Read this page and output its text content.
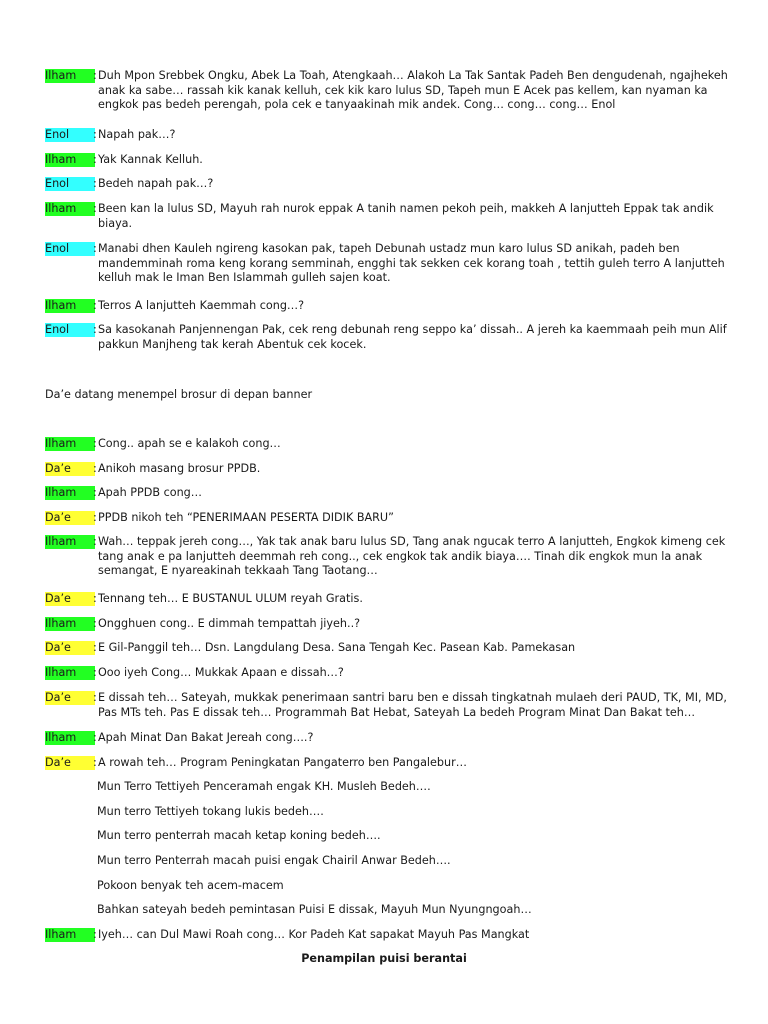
Ilham	: Duh Mpon Srebbek Ongku, Abek La Toah, Atengkaah… Alakoh La Tak Santak Padeh Ben dengudenah, ngajhekeh anak ka sabe… rassah kik kanak kelluh, cek kik karo lulus SD, Tapeh mun E Acek pas kellem, kan nyaman ka engkok pas bedeh perengah, pola cek e tanyaakinah mik andek. Cong… cong… cong… Enol
Enol	: Napah pak…?
Ilham	: Yak Kannak Kelluh.
Enol	: Bedeh napah pak…?
Ilham	: Been kan la lulus SD, Mayuh rah nurok eppak A tanih namen pekoh peih, makkeh A lanjutteh Eppak tak andik biaya.
Enol	: Manabi dhen Kauleh ngireng kasokan pak, tapeh Debunah ustadz mun karo lulus SD anikah, padeh ben mandemminah roma keng korang semminah, engghi tak sekken cek korang toah , tettih guleh terro A lanjutteh kelluh mak le Iman Ben Islammah gulleh sajen koat.
Ilham	: Terros A lanjutteh Kaemmah cong…?
Enol	: Sa kasokanah Panjennengan Pak, cek reng debunah reng seppo ka’ dissah.. A jereh ka kaemmaah peih mun Alif pakkun Manjheng tak kerah Abentuk cek kocek.
Da’e datang menempel brosur di depan banner
Ilham	: Cong.. apah se e kalakoh cong…
Da’e	: Anikoh masang brosur PPDB.
Ilham	: Apah PPDB cong…
Da’e	: PPDB nikoh teh “PENERIMAAN PESERTA DIDIK BARU”
Ilham	: Wah… teppak jereh cong…, Yak tak anak baru lulus SD, Tang anak ngucak terro A lanjutteh, Engkok kimeng cek tang anak e pa lanjutteh deemmah reh cong.., cek engkok tak andik biaya…. Tinah dik engkok mun la anak semangat, E nyareakinah tekkaah Tang Taotang…
Da’e	: Tennang teh… E BUSTANUL ULUM reyah Gratis.
Ilham	: Ongghuen cong.. E dimmah tempattah jiyeh..?
Da’e	: E Gil-Panggil teh… Dsn. Langdulang Desa. Sana Tengah Kec. Pasean Kab. Pamekasan
Ilham	: Ooo iyeh Cong… Mukkak Apaan e dissah…?
Da’e	: E dissah teh… Sateyah, mukkak penerimaan santri baru ben e dissah tingkatnah mulaeh deri PAUD, TK, MI, MD, Pas MTs teh. Pas E dissak teh… Programmah Bat Hebat, Sateyah La bedeh Program Minat Dan Bakat teh…
Ilham	: Apah Minat Dan Bakat Jereah cong….?
Da’e	: A rowah teh… Program Peningkatan Pangaterro ben Pangalebur…
Mun Terro Tettiyeh Penceramah engak KH. Musleh Bedeh….
Mun terro Tettiyeh tokang lukis bedeh….
Mun terro penterrah macah ketap koning bedeh….
Mun terro Penterrah macah puisi engak Chairil Anwar Bedeh….
Pokoon benyak teh acem-macem
Bahkan sateyah bedeh pemintasan Puisi E dissak, Mayuh Mun Nyungngoah…
Ilham	: Iyeh… can Dul Mawi Roah cong… Kor Padeh Kat sapakat Mayuh Pas Mangkat
Penampilan puisi berantai
